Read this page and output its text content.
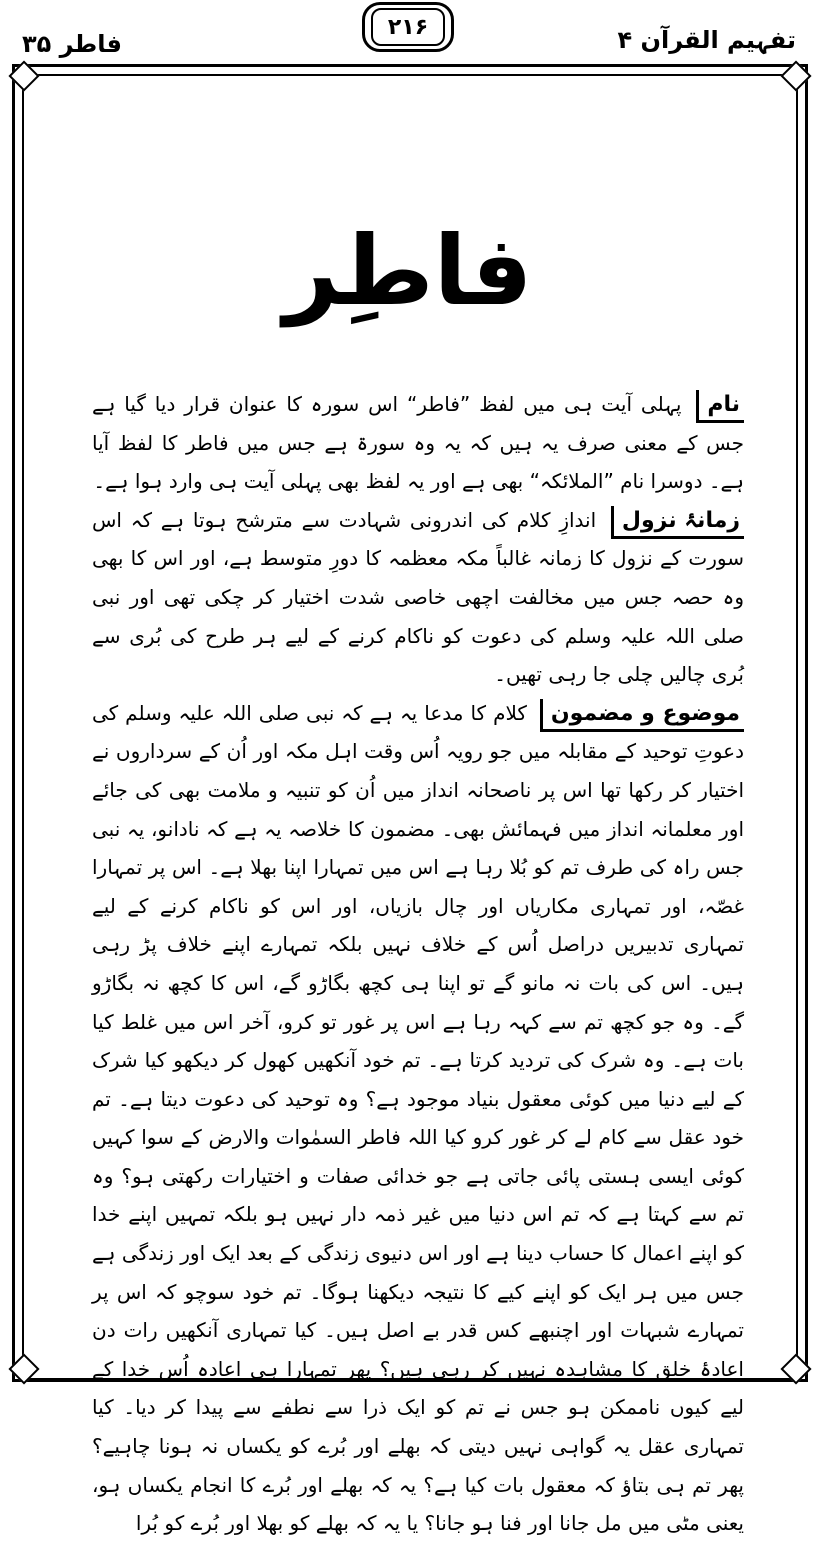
فاطر ۳۵
۲۱۶	تفہیم القرآن ۴
فاطِر

نام پہلی آیت ہی میں لفظ ”فاطر“ اس سورہ کا عنوان قرار دیا گیا ہے جس کے معنی صرف یہ ہیں کہ یہ وہ سورۃ ہے جس میں فاطر کا لفظ آیا ہے۔ دوسرا نام ”الملائکہ“ بھی ہے اور یہ لفظ بھی پہلی آیت ہی وارد ہوا ہے۔

زمانۂ نزول اندازِ کلام کی اندرونی شہادت سے مترشح ہوتا ہے کہ اس سورت کے نزول کا زمانہ غالباً مکہ معظمہ کا دورِ متوسط ہے، اور اس کا بھی وہ حصہ جس میں مخالفت اچھی خاصی شدت اختیار کر چکی تھی اور نبی صلی اللہ علیہ وسلم کی دعوت کو ناکام کرنے کے لیے ہر طرح کی بُری سے بُری چالیں چلی جا رہی تھیں۔

موضوع و مضمون کلام کا مدعا یہ ہے کہ نبی صلی اللہ علیہ وسلم کی دعوتِ توحید کے مقابلہ میں جو رویہ اُس وقت اہل مکہ اور اُن کے سرداروں نے اختیار کر رکھا تھا اس پر ناصحانہ انداز میں اُن کو تنبیہ و ملامت بھی کی جائے اور معلمانہ انداز میں فہمائش بھی۔ مضمون کا خلاصہ یہ ہے کہ نادانو، یہ نبی جس راہ کی طرف تم کو بُلا رہا ہے اس میں تمہارا اپنا بھلا ہے۔ اس پر تمہارا غصّہ، اور تمہاری مکاریاں اور چال بازیاں، اور اس کو ناکام کرنے کے لیے تمہاری تدبیریں دراصل اُس کے خلاف نہیں بلکہ تمہارے اپنے خلاف پڑ رہی ہیں۔ اس کی بات نہ مانو گے تو اپنا ہی کچھ بگاڑو گے، اس کا کچھ نہ بگاڑو گے۔ وہ جو کچھ تم سے کہہ رہا ہے اس پر غور تو کرو، آخر اس میں غلط کیا بات ہے۔ وہ شرک کی تردید کرتا ہے۔ تم خود آنکھیں کھول کر دیکھو کیا شرک کے لیے دنیا میں کوئی معقول بنیاد موجود ہے؟ وہ توحید کی دعوت دیتا ہے۔ تم خود عقل سے کام لے کر غور کرو کیا اللہ فاطر السمٰوات والارض کے سوا کہیں کوئی ایسی ہستی پائی جاتی ہے جو خدائی صفات و اختیارات رکھتی ہو؟ وہ تم سے کہتا ہے کہ تم اس دنیا میں غیر ذمہ دار نہیں ہو بلکہ تمہیں اپنے خدا کو اپنے اعمال کا حساب دینا ہے اور اس دنیوی زندگی کے بعد ایک اور زندگی ہے جس میں ہر ایک کو اپنے کیے کا نتیجہ دیکھنا ہوگا۔ تم خود سوچو کہ اس پر تمہارے شبہات اور اچنبھے کس قدر بے اصل ہیں۔ کیا تمہاری آنکھیں رات دن اعادۂ خلق کا مشاہدہ نہیں کر رہی ہیں؟ پھر تمہارا ہی اعادہ اُس خدا کے لیے کیوں ناممکن ہو جس نے تم کو ایک ذرا سے نطفے سے پیدا کر دیا۔ کیا تمہاری عقل یہ گواہی نہیں دیتی کہ بھلے اور بُرے کو یکساں نہ ہونا چاہیے؟ پھر تم ہی بتاؤ کہ معقول بات کیا ہے؟ یہ کہ بھلے اور بُرے کا انجام یکساں ہو، یعنی مٹی میں مل جانا اور فنا ہو جانا؟ یا یہ کہ بھلے کو بھلا اور بُرے کو بُرا
